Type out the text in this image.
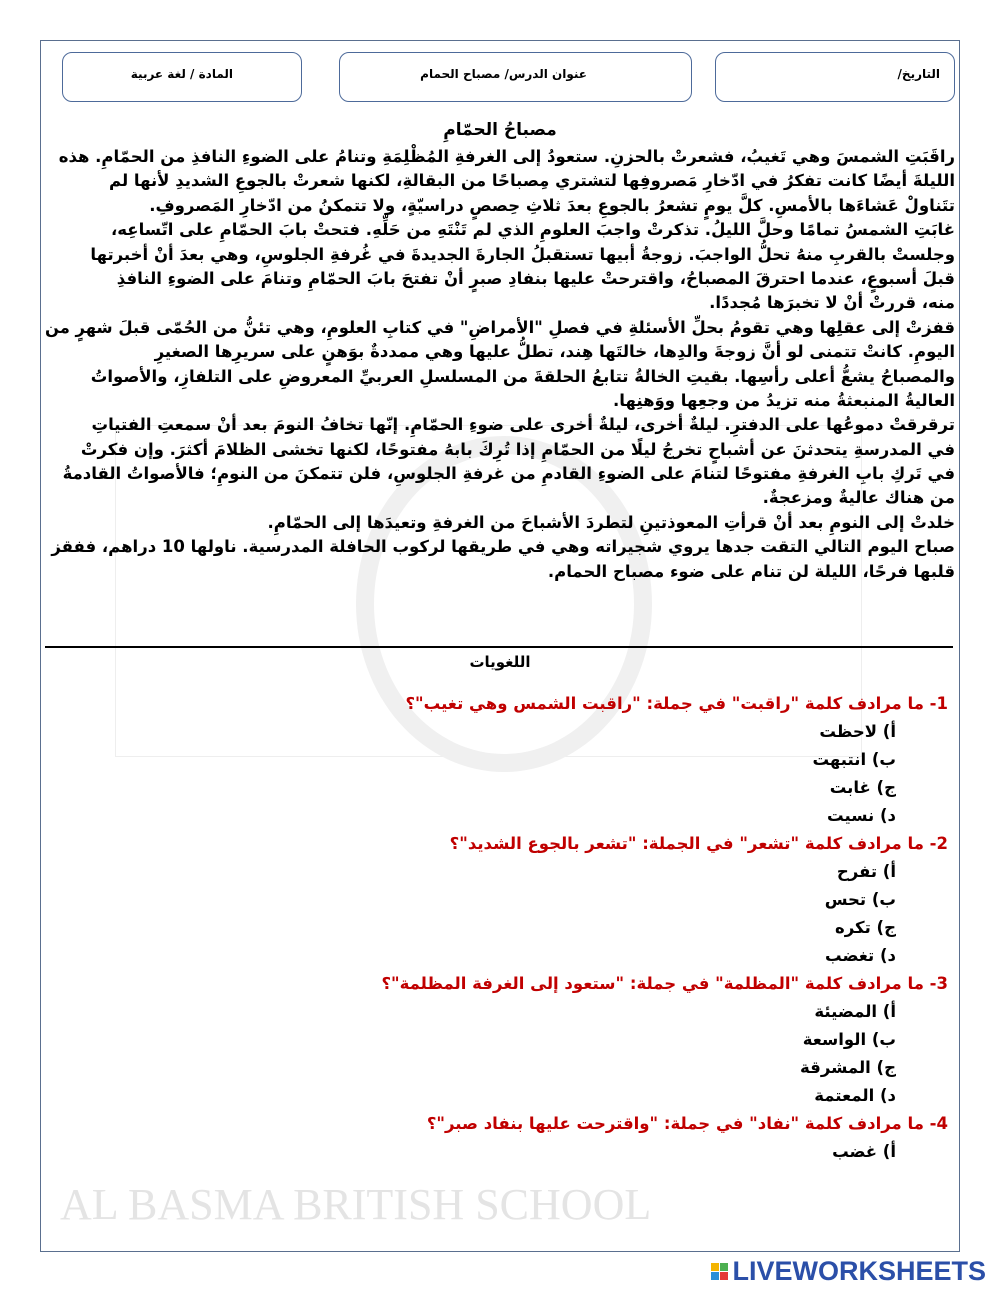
AL BASMA BRITISH SCHOOL
المادة / لغة عربية	عنوان الدرس/ مصباح الحمام	التاريخ/
مصباحُ الحمّامِ
راقَبَتِ الشمسَ وهي تَغيبُ، فشعرتْ بالحزنِ. ستعودُ إلى الغرفةِ المُظْلِمَةِ وتنامُ على الضوءِ النافذِ من الحمّامِ. هذه
الليلةَ أيضًا كانت تفكرُ في ادّخارِ مَصروفِها لتشتري مِصباحًا من البقالةِ، لكنها شعرتْ بالجوعِ الشديدِ لأنها لم
تتَناولْ عَشاءَها بالأمسِ. كلَّ يومٍ تشعرُ بالجوعِ بعدَ ثلاثِ حِصصٍ دراسيّةٍ، ولا تتمكنُ من ادّخارِ المَصروفِ.
غابَتِ الشمسُ تمامًا وحلَّ الليلُ. تذكرتْ واجبَ العلومِ الذي لم تَنْتَهِ من حَلِّهِ. فتحتْ بابَ الحمّامِ على اتّساعِه،
وجلستْ بالقربِ منهُ تحلُّ الواجبَ. زوجةُ أبيها تستقبلُ الجارةَ الجديدةَ في غُرفةِ الجلوسِ، وهي بعدَ أنْ أخبرتها
قبلَ أسبوعٍ، عندما احترقَ المصباحُ، واقترحتْ عليها بنفادِ صبرٍ أنْ تفتحَ بابَ الحمّامِ وتنامَ على الضوءِ النافذِ
منه، قررتْ أنْ لا تخبرَها مُجددًا.
قفزتْ إلى عقلِها وهي تقومُ بحلِّ الأسئلةِ في فصلِ "الأمراضِ" في كتابِ العلومِ، وهي تئنُّ من الحُمّى قبلَ شهرٍ من
اليومِ. كانتْ تتمنى لو أنَّ زوجةَ والدِها، خالتَها هِند، تطلُّ عليها وهي ممددةٌ بوَهنٍ على سريرِها الصغيرِ
والمصباحُ يشعُّ أعلى رأسِها. بقيتِ الخالةُ تتابعُ الحلقةَ من المسلسلِ العربيِّ المعروضِ على التلفازِ، والأصواتُ
العاليةُ المنبعثةُ منه تزيدُ من وجعِها ووَهنِها.
ترقرقتْ دموعُها على الدفترِ. ليلةٌ أخرى، ليلةٌ أخرى على ضوءِ الحمّامِ. إنّها تخافُ النومَ بعد أنْ سمعتِ الفتياتِ
في المدرسةِ يتحدثنَ عن أشباحٍ تخرجُ ليلًا من الحمّامِ إذا تُرِكَ بابهُ مفتوحًا، لكنها تخشى الظلامَ أكثرَ. وإن فكرتْ
في تَركِ بابِ الغرفةِ مفتوحًا لتنامَ على الضوءِ القادمِ من غرفةِ الجلوسِ، فلن تتمكنَ من النومِ؛ فالأصواتُ القادمةُ
من هناك عاليةٌ ومزعجةٌ.
خلدتْ إلى النومِ بعد أنْ قرأتِ المعوذتينِ لتطردَ الأشباحَ من الغرفةِ وتعيدَها إلى الحمّامِ.
صباح اليوم التالي التقت جدها يروي شجيراته وهي في طريقها لركوب الحافلة المدرسية. ناولها 10 دراهم، ففقز
قلبها فرحًا، الليلة لن تنام على ضوء مصباح الحمام.
اللغويات
1- ما مرادف كلمة "راقبت" في جملة: "راقبت الشمس وهي تغيب"؟
أ) لاحظت
ب) انتبهت
ج) غابت
د) نسيت
2- ما مرادف كلمة "تشعر" في الجملة: "تشعر بالجوع الشديد"؟
أ) تفرح
ب) تحس
ج) تكره
د) تغضب
3- ما مرادف كلمة "المظلمة" في جملة: "ستعود إلى الغرفة المظلمة"؟
أ) المضيئة
ب) الواسعة
ج) المشرقة
د) المعتمة
4- ما مرادف كلمة "نفاد" في جملة: "واقترحت عليها بنفاد صبر"؟
أ) غضب
LIVEWORKSHEETS
